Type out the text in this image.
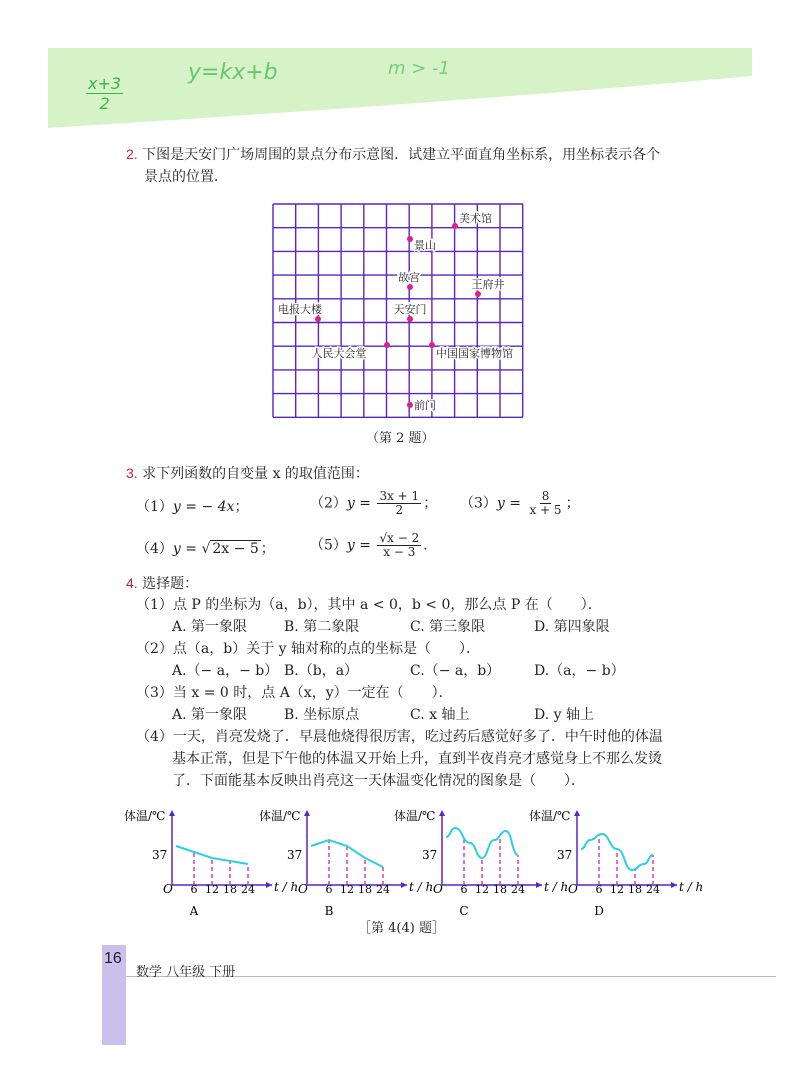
x+3
2
y=kx+b	m > -1
2. 下图是天安门广场周围的景点分布示意图．试建立平面直角坐标系，用坐标表示各个
景点的位置．
美术馆
景山
故宫
王府井
电报大楼	天安门
人民大会堂	中国国家博物馆
前门
（第 2 题）
3. 求下列函数的自变量 x 的取值范围：
（1）y = − 4x；	$(2)y = \frac{3x + 1}{2}$ ； $(3)y = \frac{8}{x + 5}$ ；
（4）y = √ 2x − 5 ；	$(5)y = \frac{√x - 2}{x - 3}$ ．
4. 选择题：
（1）点 P 的坐标为（a，b），其中 a < 0，b < 0，那么点 P 在（　　）．
A. 第一象限	B. 第二象限	C. 第三象限	D. 第四象限
（2）点（a，b）关于 y 轴对称的点的坐标是（　　）．
A.（− a，− b） B.（b，a）	C.（− a，b） D.（a，− b）
（3）当 x = 0 时，点 A（x，y）一定在（　　）．
A. 第一象限	B. 坐标原点	C. x 轴上	D. y 轴上
（4）一天，肖亮发烧了．早晨他烧得很厉害，吃过药后感觉好多了．中午时他的体温
基本正常，但是下午他的体温又开始上升，直到半夜肖亮才感觉身上不那么发烫
了．下面能基本反映出肖亮这一天体温变化情况的图象是（　　）．
体温/℃
t / h
O
37
6 12 18 24
A
体温/℃
t / h
O
37
6 12 18 24
B
体温/℃
t / h
O
37
6 12 18 24
C
体温/℃
t / h
O
37
6 12 18 24
D
［第 4(4) 题］
16
数学 八年级 下册
